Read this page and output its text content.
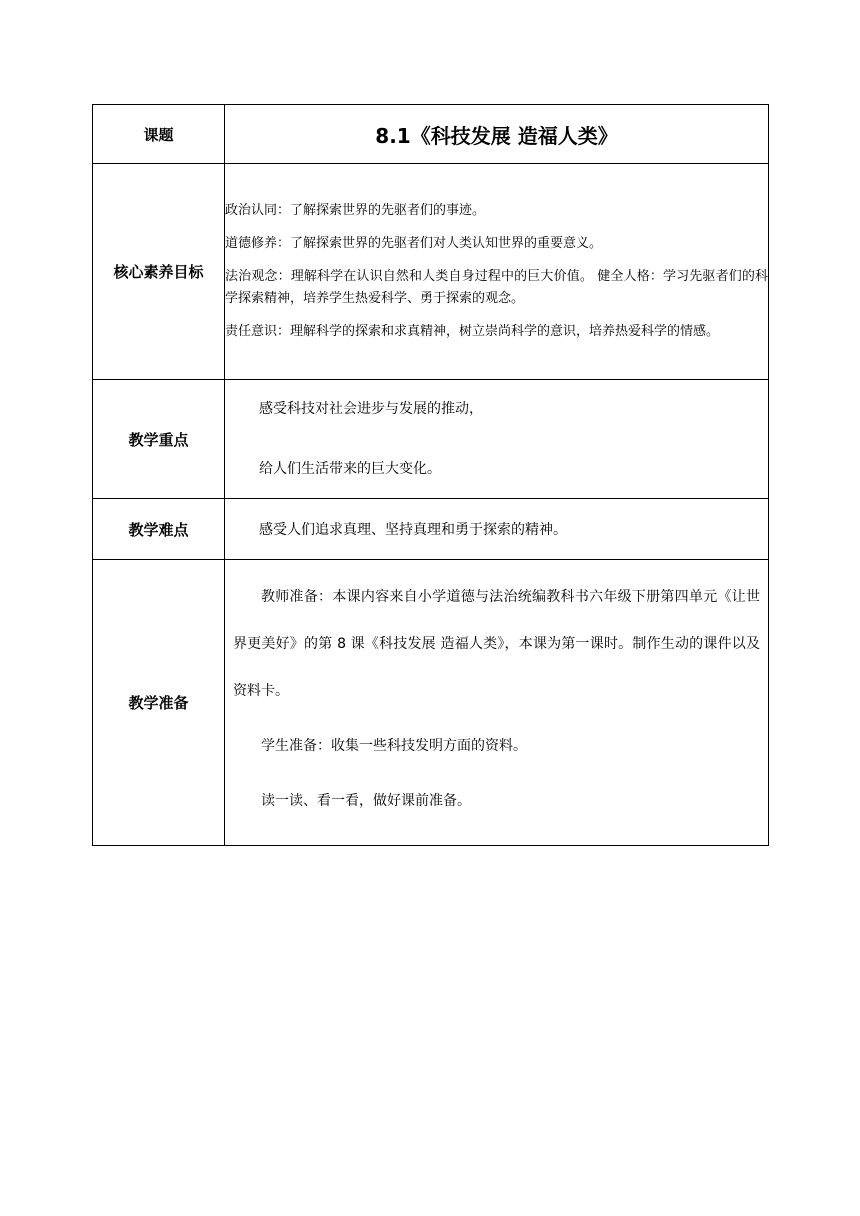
课题	8.1《科技发展 造福人类》
核心素养目标	政治认同：了解探索世界的先驱者们的事迹。

道德修养：了解探索世界的先驱者们对人类认知世界的重要意义。

法治观念：理解科学在认识自然和人类自身过程中的巨大价值。 健全人格：学习先驱者们的科学探索精神，培养学生热爱科学、勇于探索的观念。

责任意识：理解科学的探索和求真精神，树立崇尚科学的意识，培养热爱科学的情感。

教学重点	感受科技对社会进步与发展的推动，

给人们生活带来的巨大变化。

教学难点	感受人们追求真理、坚持真理和勇于探索的精神。

教学准备	教师准备：本课内容来自小学道德与法治统编教科书六年级下册第四单元《让世界更美好》的第 8 课《科技发展 造福人类》，本课为第一课时。制作生动的课件以及资料卡。

学生准备：收集一些科技发明方面的资料。

读一读、看一看，做好课前准备。
